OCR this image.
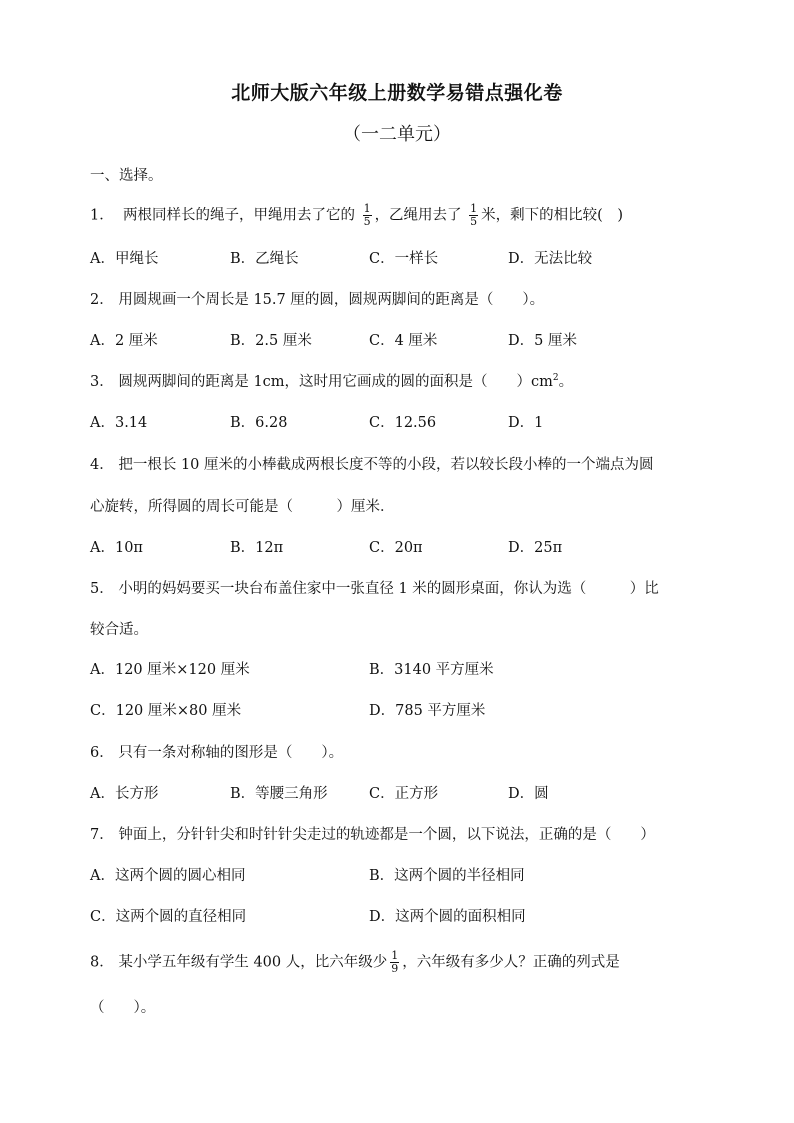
北师大版六年级上册数学易错点强化卷
（一二单元）
一、选择。
1． 两根同样长的绳子，甲绳用去了它的 $\frac{1}{5}$ ，乙绳用去了 $\frac{1}{5}$ 米，剩下的相比较(　)
A．甲绳长	B．乙绳长	C．一样长	D．无法比较
2． 用圆规画一个周长是 15.7 厘的圆，圆规两脚间的距离是（　　）。
A．2 厘米	B．2.5 厘米	C．4 厘米	D．5 厘米
3． 圆规两脚间的距离是 1cm，这时用它画成的圆的面积是（　　）$cm^2$。
A．3.14	B．6.28	C．12.56	D．1
4． 把一根长 10 厘米的小棒截成两根长度不等的小段，若以较长段小棒的一个端点为圆
心旋转，所得圆的周长可能是（　　　）厘米．
A．10π	B．12π	C．20π	D．25π
5． 小明的妈妈要买一块台布盖住家中一张直径 1 米的圆形桌面，你认为选（　　　）比
较合适。
A．120 厘米×120 厘米	B．3140 平方厘米
C．120 厘米×80 厘米	D．785 平方厘米
6． 只有一条对称轴的图形是（　　）。
A．长方形	B．等腰三角形	C．正方形	D．圆
7． 钟面上，分针针尖和时针针尖走过的轨迹都是一个圆，以下说法，正确的是（　　）
A．这两个圆的圆心相同	B．这两个圆的半径相同
C．这两个圆的直径相同	D．这两个圆的面积相同
8． 某小学五年级有学生 400 人，比六年级少 $\frac{1}{9}$ ，六年级有多少人？正确的列式是
（　　）。
